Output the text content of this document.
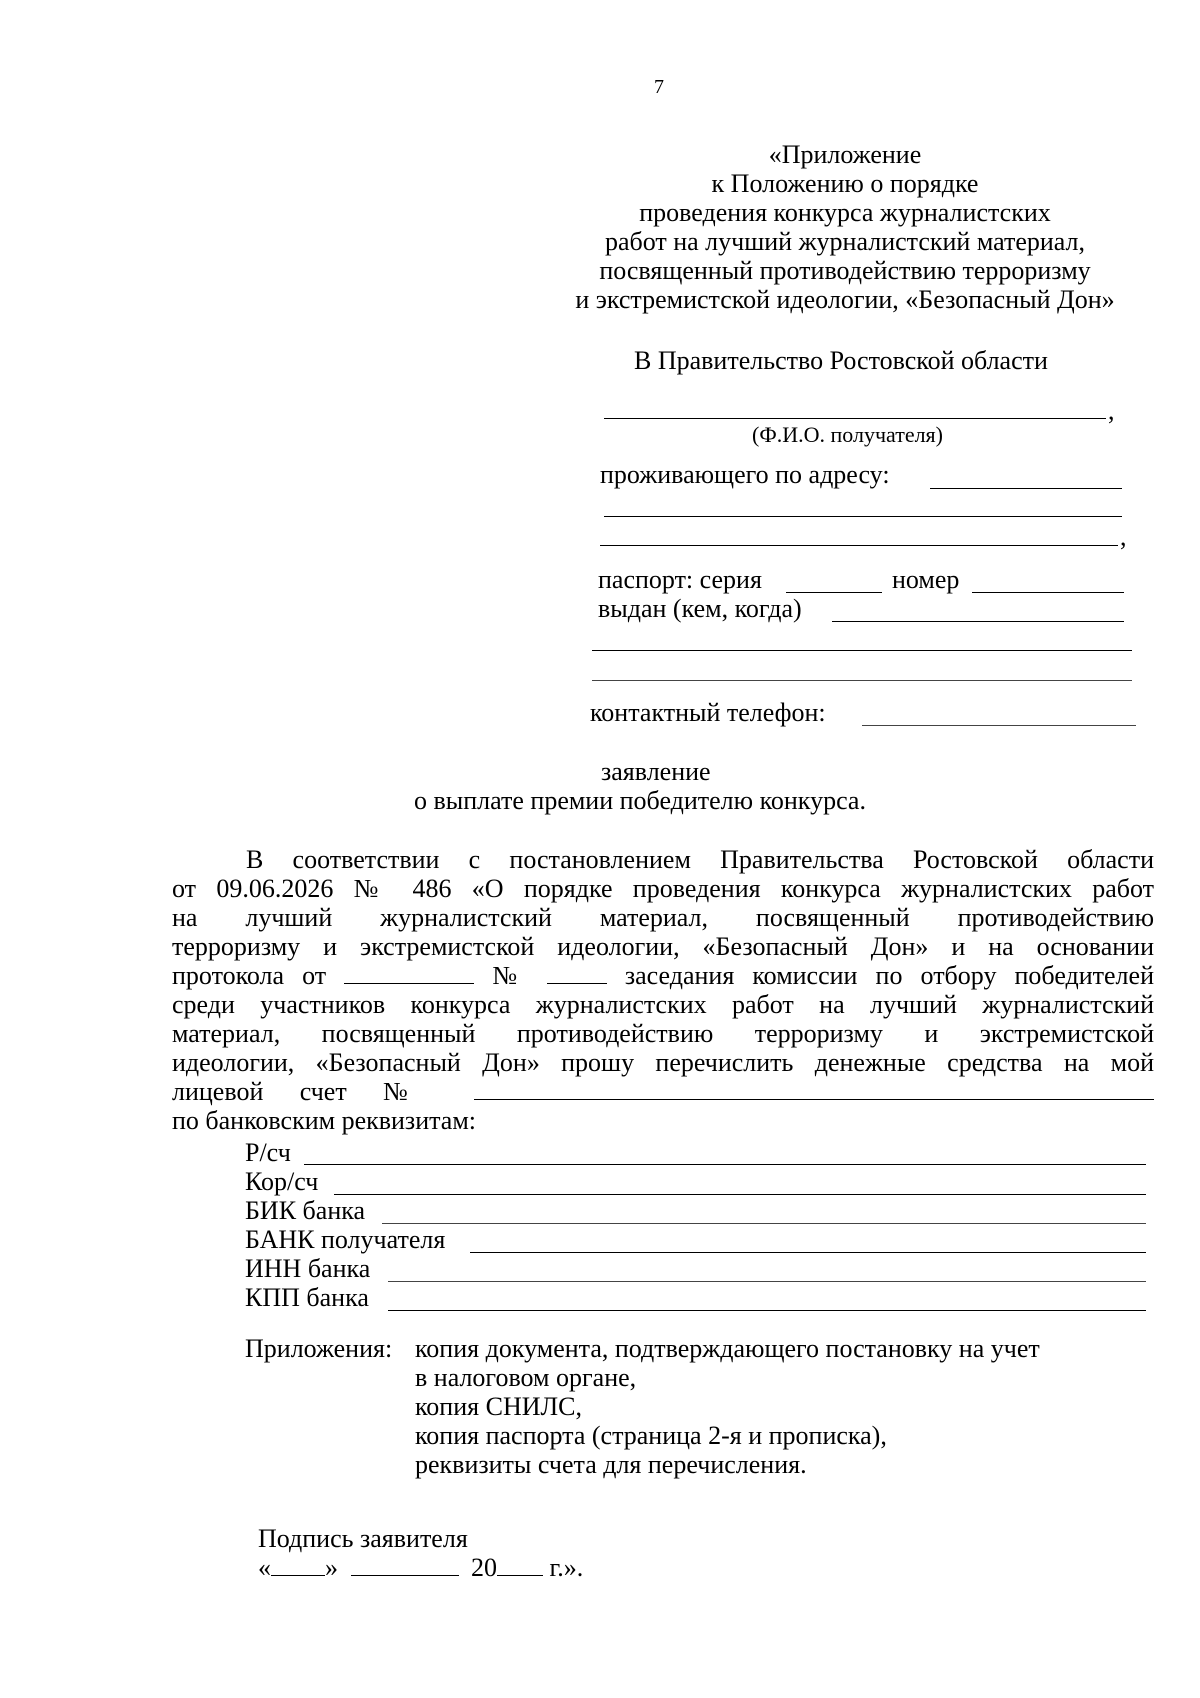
7
«Приложение
к Положению о порядке
проведения конкурса журналистских
работ на лучший журналистский материал,
посвященный противодействию терроризму
и экстремистской идеологии, «Безопасный Дон»
В Правительство Ростовской области
,
(Ф.И.О. получателя)
проживающего по адресу:
,
паспорт: серия	номер
выдан (кем, когда)
контактный телефон:
заявление
о выплате премии победителю конкурса.
В соответствии с постановлением Правительства Ростовской области
от 09.06.2026 № 486 «О порядке проведения конкурса журналистских работ
на лучший журналистский материал, посвященный противодействию
терроризму и экстремистской идеологии, «Безопасный Дон» и на основании
протокола от	№	заседания комиссии по отбору победителей
среди участников конкурса журналистских работ на лучший журналистский
материал, посвященный противодействию терроризму и экстремистской
идеологии, «Безопасный Дон» прошу перечислить денежные средства на мой
лицевой счет №
по банковским реквизитам:
Р/сч
Кор/сч
БИК банка
БАНК получателя
ИНН банка
КПП банка
Приложения: копия документа, подтверждающего постановку на учет
в налоговом органе,
копия СНИЛС,
копия паспорта (страница 2-я и прописка),
реквизиты счета для перечисления.
Подпись заявителя
« »	20 г.».
